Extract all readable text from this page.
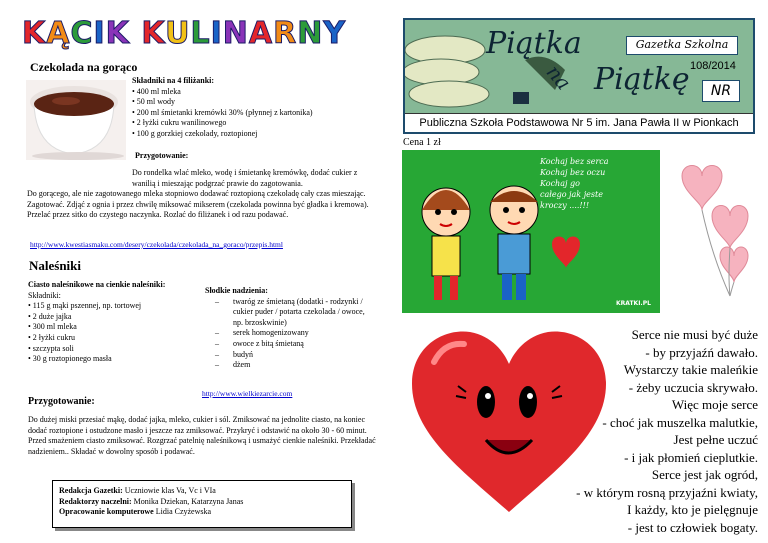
KĄCIK KULINARNY
Czekolada na gorąco
Składniki na 4 filiżanki:
• 400 ml mleka
• 50 ml wody
• 200 ml śmietanki kremówki 30% (płynnej z kartonika)
• 2 łyżki cukru wanilinowego
• 100 g gorzkiej czekolady, roztopionej
Przygotowanie:
Do rondelka wlać mleko, wodę i śmietankę kremówkę, dodać cukier z wanilią i mieszając podgrzać prawie do zagotowania.
Do gorącego, ale nie zagotowanego mleka stopniowo dodawać roztopioną czekoladę cały czas mieszając. Zagotować. Zdjąć z ognia i przez chwilę miksować mikserem (czekolada powinna być gładka i kremowa). Przelać przez sitko do czystego naczynka. Rozlać do filiżanek i od razu podawać.
http://www.kwestiasmaku.com/desery/czekolada/czekolada_na_goraco/przepis.html
Naleśniki
Ciasto naleśnikowe na cienkie naleśniki:
Składniki:
• 115 g mąki pszennej, np. tortowej
• 2 duże jajka
• 300 ml mleka
• 2 łyżki cukru
• szczypta soli
• 30 g roztopionego masła
Słodkie nadzienia:
– twaróg ze śmietaną (dodatki - rodzynki / cukier puder / potarta czekolada / owoce, np. brzoskwinie)
– serek homogenizowany
– owoce z bitą śmietaną
– budyń
– dżem
http://www.wielkiezarcie.com
Przygotowanie:
Do dużej miski przesiać mąkę, dodać jajka, mleko, cukier i sól. Zmiksować na jednolite ciasto, na koniec dodać roztopione i ostudzone masło i jeszcze raz zmiksować. Przykryć i odstawić na około 30 - 60 minut. Przed smażeniem ciasto zmiksować. Rozgrzać patelnię naleśnikową i usmażyć cienkie naleśniki. Przekładać nadzieniem.. Składać w dowolny sposób i podawać.
Redakcja Gazetki: Uczniowie klas Va, Vc i VIa
Redaktorzy naczelni: Monika Dziekan, Katarzyna Janas
Opracowanie komputerowe Lidia Czyżewska
Piątka
na Piątkę
Gazetka Szkolna
108/2014
NR
Publiczna Szkoła Podstawowa Nr 5 im. Jana Pawła II w Pionkach
Cena 1 zł
Kochaj bez serca
Kochaj bez oczu
Kochaj go
całego jak jeste
kroczy ....!!!
KRATKI.PL
Serce nie musi być duże
- by przyjaźń dawało.
Wystarczy takie maleńkie
- żeby uczucia skrywało.
Więc moje serce
- choć jak muszelka malutkie,
Jest pełne uczuć
- i jak płomień cieplutkie.
Serce jest jak ogród,
- w którym rosną przyjaźni kwiaty,
I każdy, kto je pielęgnuje
- jest to człowiek bogaty.
